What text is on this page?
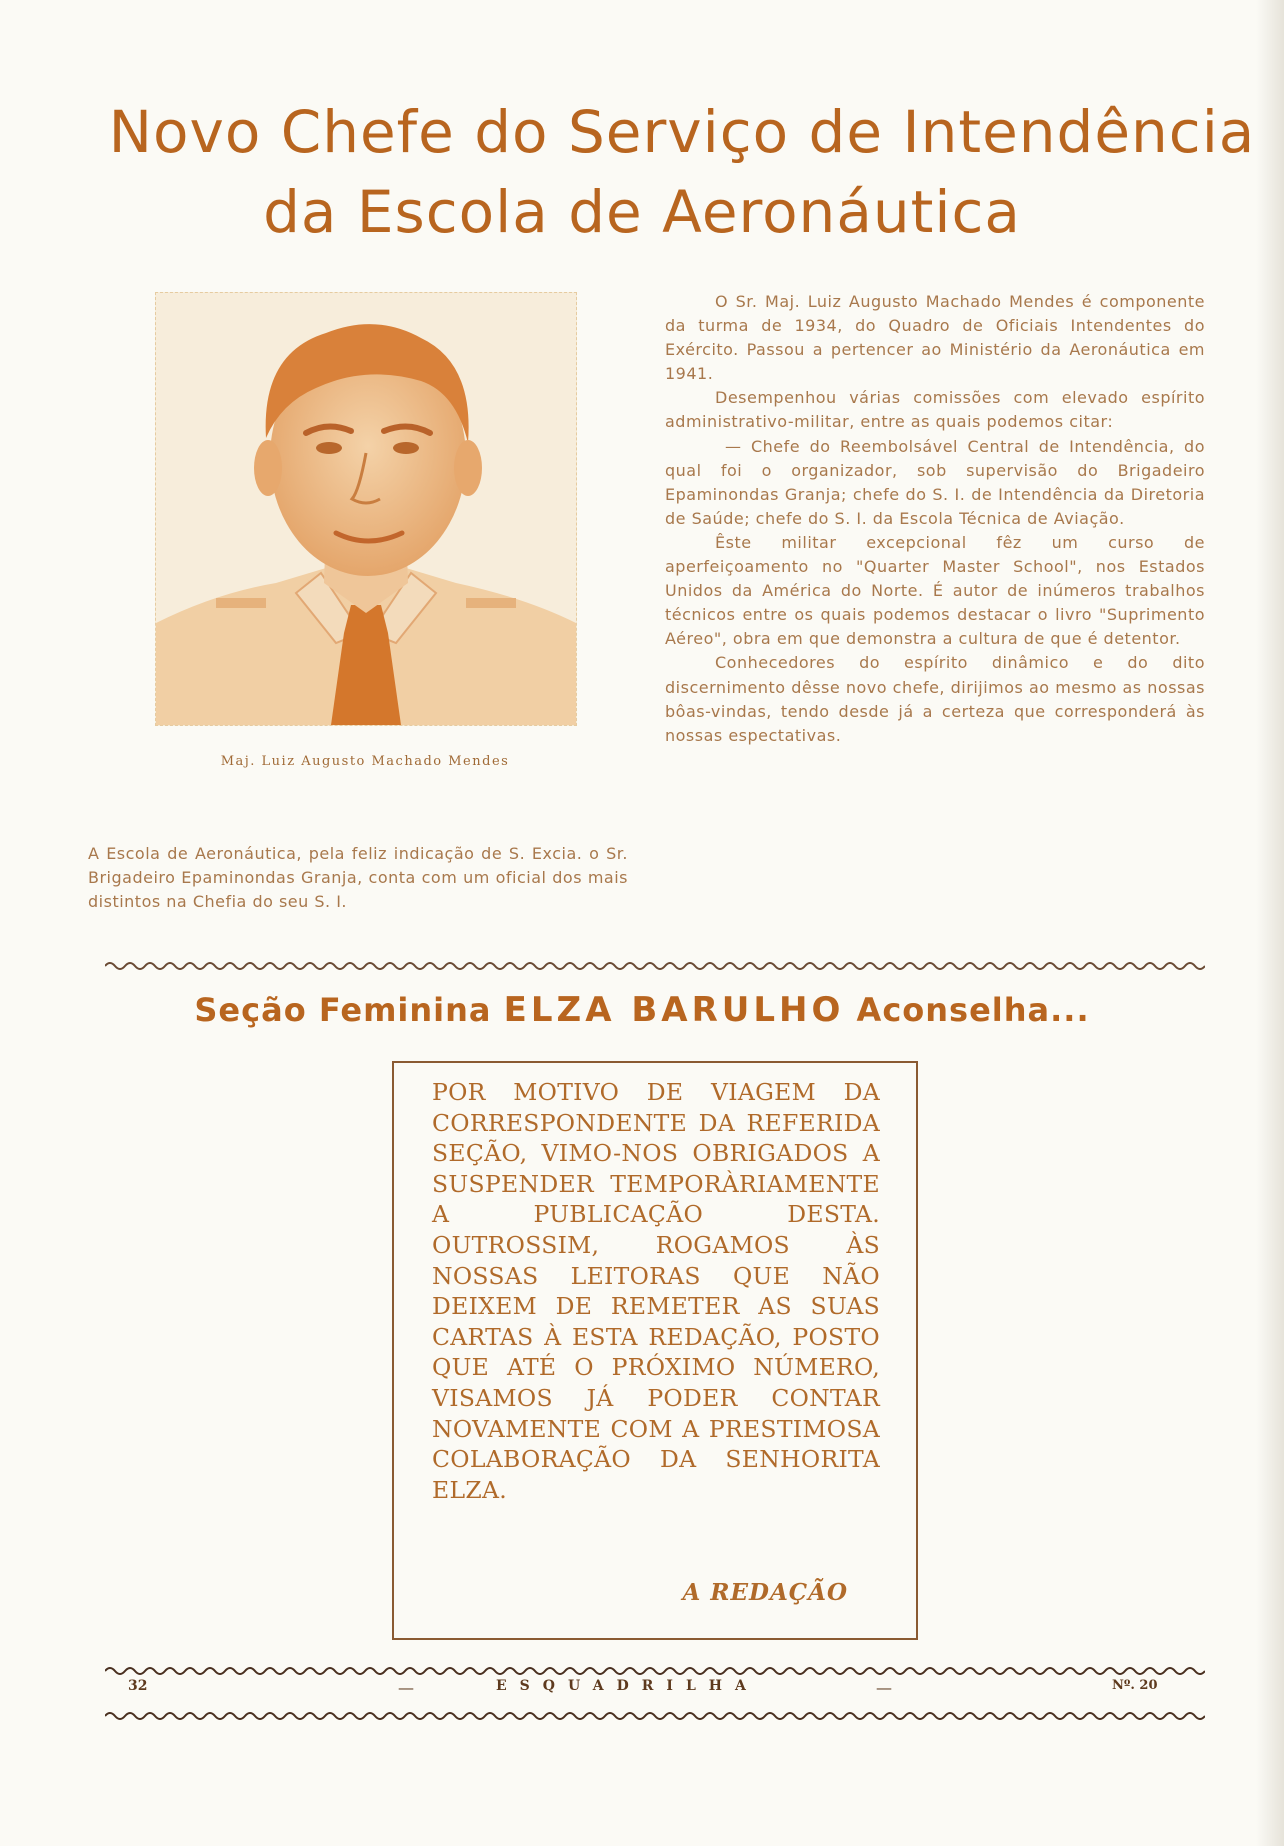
Novo Chefe do Serviço de Intendência
da Escola de Aeronáutica
Maj. Luiz Augusto Machado Mendes
A Escola de Aeronáutica, pela feliz indicação de S. Excia. o Sr. Brigadeiro Epaminondas Granja, conta com um oficial dos mais distintos na Chefia do seu S. I.

O Sr. Maj. Luiz Augusto Machado Mendes é componente da turma de 1934, do Quadro de Oficiais Intendentes do Exército. Passou a pertencer ao Ministério da Aeronáutica em 1941.

Desempenhou várias comissões com elevado espírito administrativo-militar, entre as quais podemos citar:

— Chefe do Reembolsável Central de Intendência, do qual foi o organizador, sob supervisão do Brigadeiro Epaminondas Granja; chefe do S. I. de Intendência da Diretoria de Saúde; chefe do S. I. da Escola Técnica de Aviação.

Êste militar excepcional fêz um curso de aperfeiçoamento no "Quarter Master School", nos Estados Unidos da América do Norte. É autor de inúmeros trabalhos técnicos entre os quais podemos destacar o livro "Suprimento Aéreo", obra em que demonstra a cultura de que é detentor.

Conhecedores do espírito dinâmico e do dito discernimento dêsse novo chefe, dirijimos ao mesmo as nossas bôas-vindas, tendo desde já a certeza que corresponderá às nossas espectativas.

Seção Feminina ELZA BARULHO Aconselha...
POR MOTIVO DE VIAGEM DA CORRESPONDENTE DA REFERIDA SEÇÃO, VIMO-NOS OBRIGADOS A SUSPENDER TEMPORÀRIAMENTE A PUBLICAÇÃO DESTA. OUTROSSIM, ROGAMOS ÀS NOSSAS LEITORAS QUE NÃO DEIXEM DE REMETER AS SUAS CARTAS À ESTA REDAÇÃO, POSTO QUE ATÉ O PRÓXIMO NÚMERO, VISAMOS JÁ PODER CONTAR NOVAMENTE COM A PRESTIMOSA COLABORAÇÃO DA SENHORITA ELZA.
A REDAÇÃO
32	—	ESQUADRILHA	—	Nº. 20
